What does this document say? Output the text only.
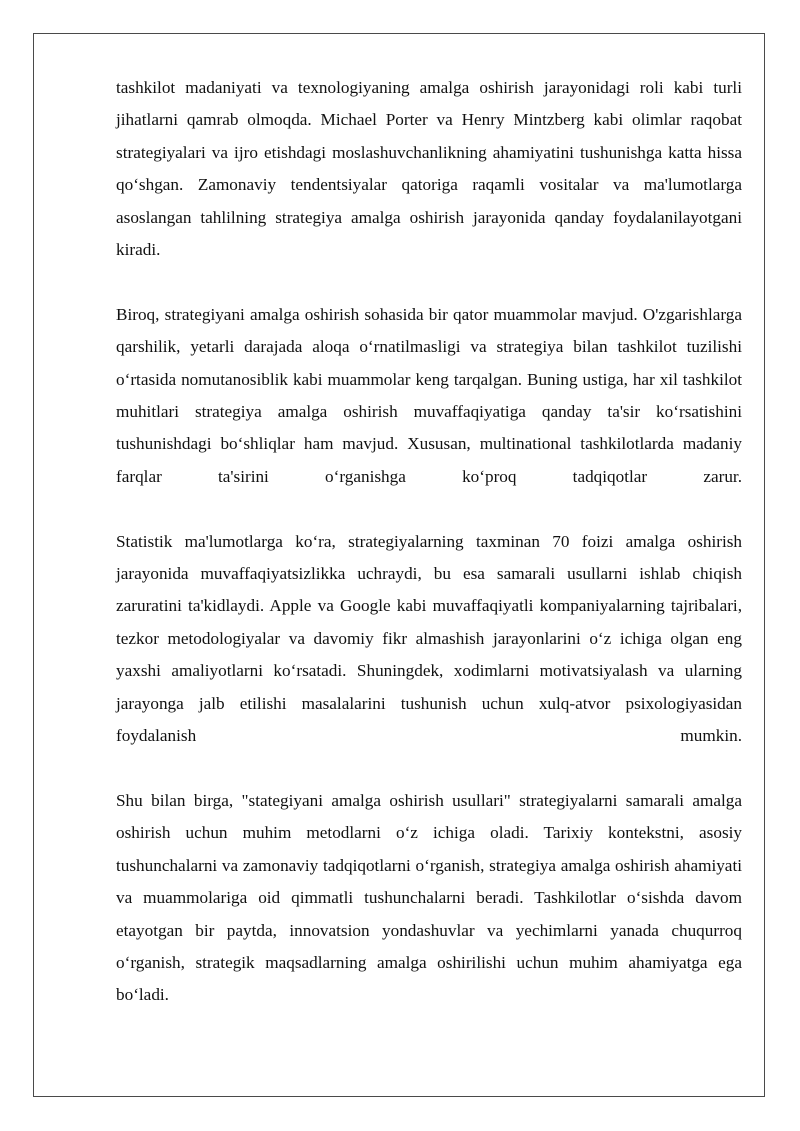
tashkilot madaniyati va texnologiyaning amalga oshirish jarayonidagi roli kabi turli jihatlarni qamrab olmoqda. Michael Porter va Henry Mintzberg kabi olimlar raqobat strategiyalari va ijro etishdagi moslashuvchanlikning ahamiyatini tushunishga katta hissa qo‘shgan. Zamonaviy tendentsiyalar qatoriga raqamli vositalar va ma'lumotlarga asoslangan tahlilning strategiya amalga oshirish jarayonida qanday foydalanilayotgani kiradi.

Biroq, strategiyani amalga oshirish sohasida bir qator muammolar mavjud. O'zgarishlarga qarshilik, yetarli darajada aloqa o‘rnatilmasligi va strategiya bilan tashkilot tuzilishi o‘rtasida nomutanosiblik kabi muammolar keng tarqalgan. Buning ustiga, har xil tashkilot muhitlari strategiya amalga oshirish muvaffaqiyatiga qanday ta'sir ko‘rsatishini tushunishdagi bo‘shliqlar ham mavjud. Xususan, multinational tashkilotlarda madaniy farqlar ta'sirini o‘rganishga ko‘proq tadqiqotlar zarur.

Statistik ma'lumotlarga ko‘ra, strategiyalarning taxminan 70 foizi amalga oshirish jarayonida muvaffaqiyatsizlikka uchraydi, bu esa samarali usullarni ishlab chiqish zaruratini ta'kidlaydi. Apple va Google kabi muvaffaqiyatli kompaniyalarning tajribalari, tezkor metodologiyalar va davomiy fikr almashish jarayonlarini o‘z ichiga olgan eng yaxshi amaliyotlarni ko‘rsatadi. Shuningdek, xodimlarni motivatsiyalash va ularning jarayonga jalb etilishi masalalarini tushunish uchun xulq-atvor psixologiyasidan foydalanish mumkin.

Shu bilan birga, "stategiyani amalga oshirish usullari" strategiyalarni samarali amalga oshirish uchun muhim metodlarni o‘z ichiga oladi. Tarixiy kontekstni, asosiy tushunchalarni va zamonaviy tadqiqotlarni o‘rganish, strategiya amalga oshirish ahamiyati va muammolariga oid qimmatli tushunchalarni beradi. Tashkilotlar o‘sishda davom etayotgan bir paytda, innovatsion yondashuvlar va yechimlarni yanada chuqurroq o‘rganish, strategik maqsadlarning amalga oshirilishi uchun muhim ahamiyatga ega bo‘ladi.
